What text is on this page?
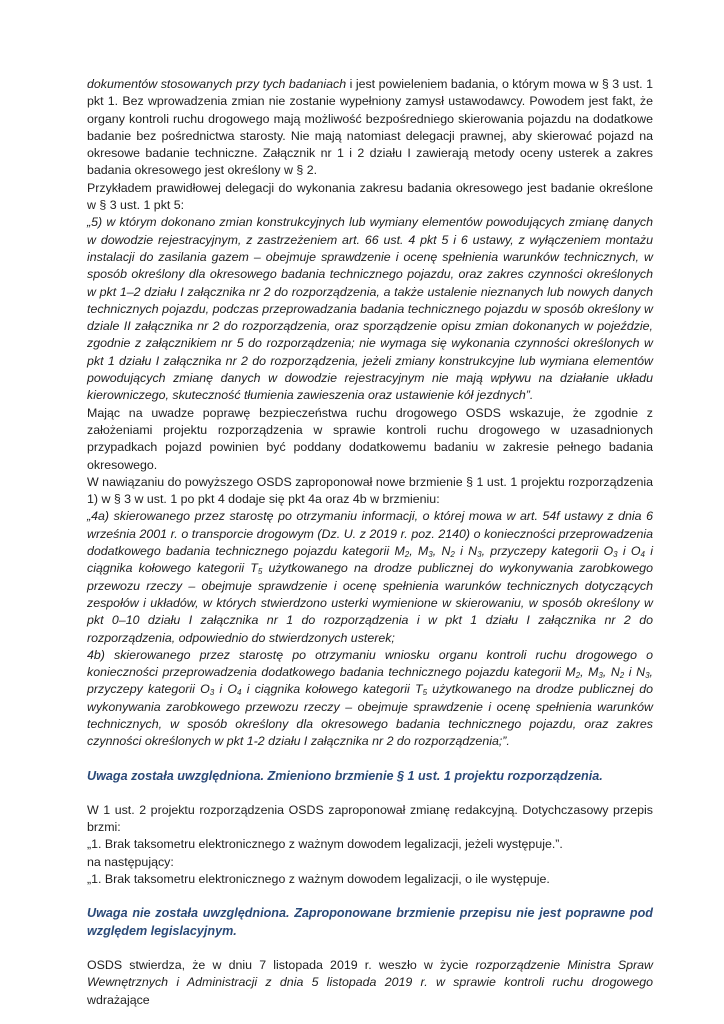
dokumentów stosowanych przy tych badaniach i jest powieleniem badania, o którym mowa w § 3 ust. 1 pkt 1. Bez wprowadzenia zmian nie zostanie wypełniony zamysł ustawodawcy. Powodem jest fakt, że organy kontroli ruchu drogowego mają możliwość bezpośredniego skierowania pojazdu na dodatkowe badanie bez pośrednictwa starosty. Nie mają natomiast delegacji prawnej, aby skierować pojazd na okresowe badanie techniczne. Załącznik nr 1 i 2 działu I zawierają metody oceny usterek a zakres badania okresowego jest określony w § 2.

Przykładem prawidłowej delegacji do wykonania zakresu badania okresowego jest badanie określone w § 3 ust. 1 pkt 5:

„5) w którym dokonano zmian konstrukcyjnych lub wymiany elementów powodujących zmianę danych w dowodzie rejestracyjnym, z zastrzeżeniem art. 66 ust. 4 pkt 5 i 6 ustawy, z wyłączeniem montażu instalacji do zasilania gazem – obejmuje sprawdzenie i ocenę spełnienia warunków technicznych, w sposób określony dla okresowego badania technicznego pojazdu, oraz zakres czynności określonych w pkt 1–2 działu I załącznika nr 2 do rozporządzenia, a także ustalenie nieznanych lub nowych danych technicznych pojazdu, podczas przeprowadzania badania technicznego pojazdu w sposób określony w dziale II załącznika nr 2 do rozporządzenia, oraz sporządzenie opisu zmian dokonanych w pojeździe, zgodnie z załącznikiem nr 5 do rozporządzenia; nie wymaga się wykonania czynności określonych w pkt 1 działu I załącznika nr 2 do rozporządzenia, jeżeli zmiany konstrukcyjne lub wymiana elementów powodujących zmianę danych w dowodzie rejestracyjnym nie mają wpływu na działanie układu kierowniczego, skuteczność tłumienia zawieszenia oraz ustawienie kół jezdnych”.

Mając na uwadze poprawę bezpieczeństwa ruchu drogowego OSDS wskazuje, że zgodnie z założeniami projektu rozporządzenia w sprawie kontroli ruchu drogowego w uzasadnionych przypadkach pojazd powinien być poddany dodatkowemu badaniu w zakresie pełnego badania okresowego.

W nawiązaniu do powyższego OSDS zaproponował nowe brzmienie § 1 ust. 1 projektu rozporządzenia 1) w § 3 w ust. 1 po pkt 4 dodaje się pkt 4a oraz 4b w brzmieniu:

„4a) skierowanego przez starostę po otrzymaniu informacji, o której mowa w art. 54f ustawy z dnia 6 września 2001 r. o transporcie drogowym (Dz. U. z 2019 r. poz. 2140) o konieczności przeprowadzenia dodatkowego badania technicznego pojazdu kategorii $M_2$, $M_3$, $N_2$ i $N_3$, przyczepy kategorii $O_3$ i $O_4$ i ciągnika kołowego kategorii $T_5$ użytkowanego na drodze publicznej do wykonywania zarobkowego przewozu rzeczy – obejmuje sprawdzenie i ocenę spełnienia warunków technicznych dotyczących zespołów i układów, w których stwierdzono usterki wymienione w skierowaniu, w sposób określony w pkt 0–10 działu I załącznika nr 1 do rozporządzenia i w pkt 1 działu I załącznika nr 2 do rozporządzenia, odpowiednio do stwierdzonych usterek;

4b) skierowanego przez starostę po otrzymaniu wniosku organu kontroli ruchu drogowego o konieczności przeprowadzenia dodatkowego badania technicznego pojazdu kategorii $M_2$, $M_3$, $N_2$ i $N_3$, przyczepy kategorii $O_3$ i $O_4$ i ciągnika kołowego kategorii $T_5$ użytkowanego na drodze publicznej do wykonywania zarobkowego przewozu rzeczy – obejmuje sprawdzenie i ocenę spełnienia warunków technicznych, w sposób określony dla okresowego badania technicznego pojazdu, oraz zakres czynności określonych w pkt 1-2 działu I załącznika nr 2 do rozporządzenia;”.

Uwaga została uwzględniona. Zmieniono brzmienie § 1 ust. 1 projektu rozporządzenia.

W 1 ust. 2 projektu rozporządzenia OSDS zaproponował zmianę redakcyjną. Dotychczasowy przepis brzmi:

„1. Brak taksometru elektronicznego z ważnym dowodem legalizacji, jeżeli występuje.”.

na następujący:

„1. Brak taksometru elektronicznego z ważnym dowodem legalizacji, o ile występuje.

Uwaga nie została uwzględniona. Zaproponowane brzmienie przepisu nie jest poprawne pod względem legislacyjnym.

OSDS stwierdza, że w dniu 7 listopada 2019 r. weszło w życie rozporządzenie Ministra Spraw Wewnętrznych i Administracji z dnia 5 listopada 2019 r. w sprawie kontroli ruchu drogowego wdrażające
